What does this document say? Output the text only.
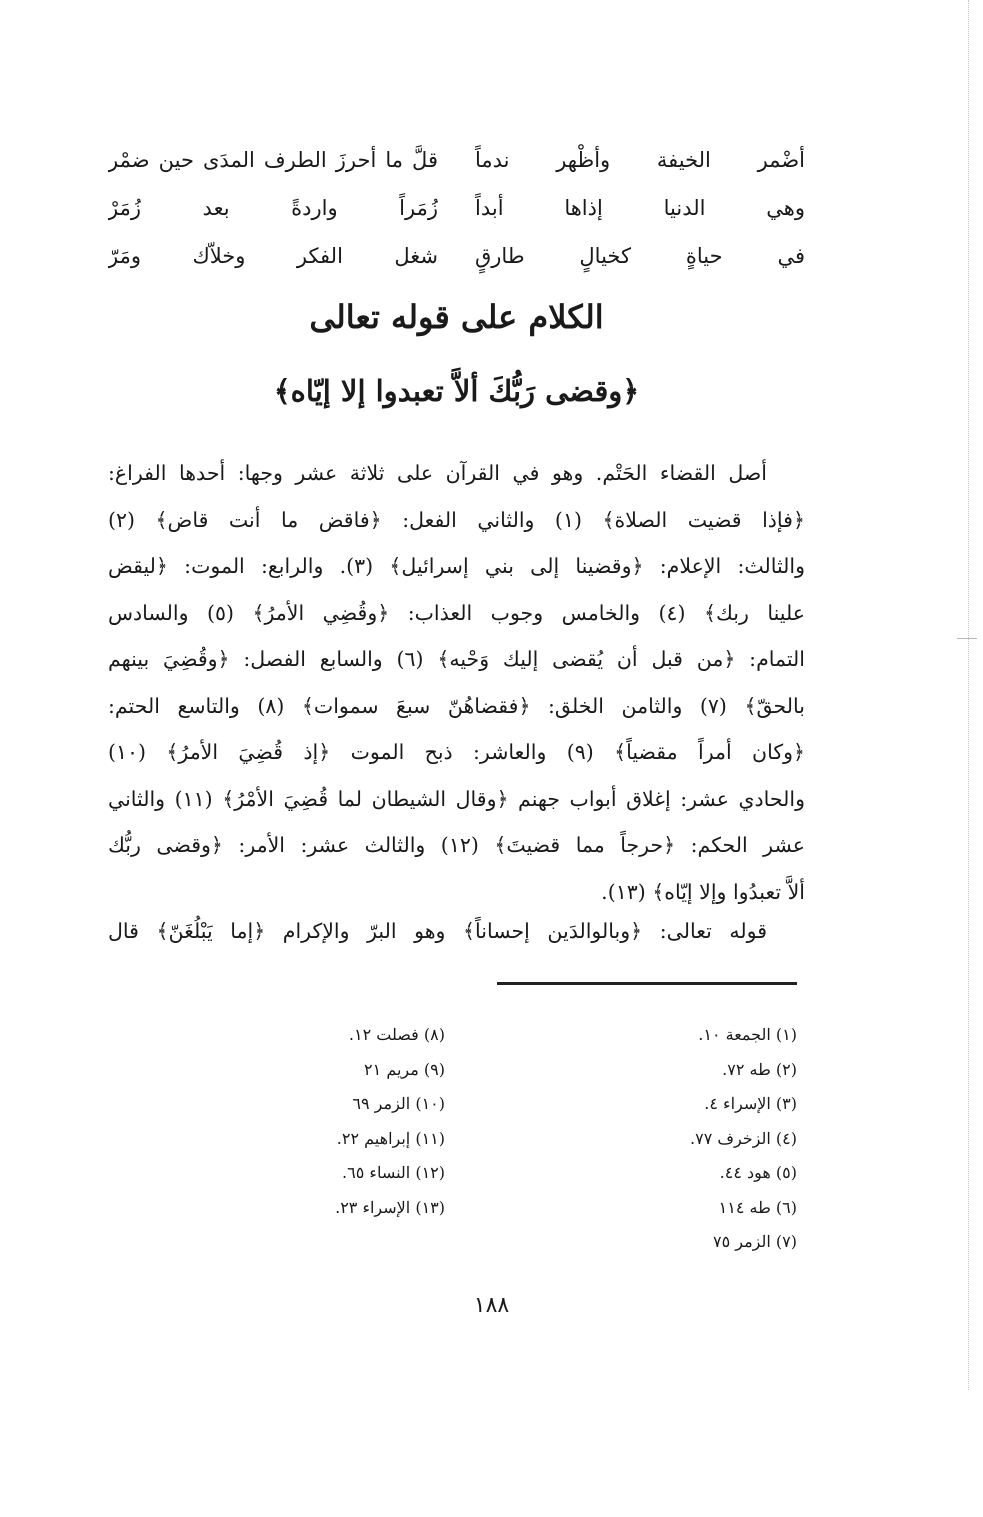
أضْمر الخيفة وأظْهر ندماً
قلَّ ما أحرزَ الطرف المدَى حين ضمْر
وهي الدنيا إذاها أبداً
زُمَراً واردةً بعد زُمَرْ
في حياةٍ كخيالٍ طارقٍ
شغل الفكر وخلاّك ومَرّ
الكلام على قوله تعالى
﴿وقضى رَبُّكَ ألاَّ تعبدوا إلا إيّاه﴾
أصل القضاء الحَتْم. وهو في القرآن على ثلاثة عشر وجها: أحدها الفراغ:
﴿فإذا قضيت الصلاة﴾ (١) والثاني الفعل: ﴿فاقض ما أنت قاض﴾ (٢)
والثالث: الإعلام: ﴿وقضينا إلى بني إسرائيل﴾ (٣). والرابع: الموت: ﴿ليقض
علينا ربك﴾ (٤) والخامس وجوب العذاب: ﴿وقُضِي الأمرُ﴾ (٥) والسادس
التمام: ﴿من قبل أن يُقضى إليك وَحْيه﴾ (٦) والسابع الفصل: ﴿وقُضِيَ بينهم
بالحقّ﴾ (٧) والثامن الخلق: ﴿فقضاهُنّ سبعَ سموات﴾ (٨) والتاسع الحتم:
﴿وكان أمراً مقضياً﴾ (٩) والعاشر: ذبح الموت ﴿إذ قُضِيَ الأمرُ﴾ (١٠)
والحادي عشر: إغلاق أبواب جهنم ﴿وقال الشيطان لما قُضِيَ الأمْرُ﴾ (١١) والثاني
عشر الحكم: ﴿حرجاً مما قضيتَ﴾ (١٢) والثالث عشر: الأمر: ﴿وقضى ربُّك
ألاَّ تعبدُوا وإلا إيّاه﴾ (١٣).
قوله تعالى: ﴿وبالوالدَين إحساناً﴾ وهو البرّ والإكرام ﴿إما يَبْلُغَنّ﴾ قال
(١) الجمعة ١٠.
(٢) طه ٧٢.
(٣) الإسراء ٤.
(٤) الزخرف ٧٧.
(٥) هود ٤٤.
(٦) طه ١١٤
(٧) الزمر ٧٥
(٨) فصلت ١٢.
(٩) مريم ٢١
(١٠) الزمر ٦٩
(١١) إبراهيم ٢٢.
(١٢) النساء ٦٥.
(١٣) الإسراء ٢٣.
١٨٨
